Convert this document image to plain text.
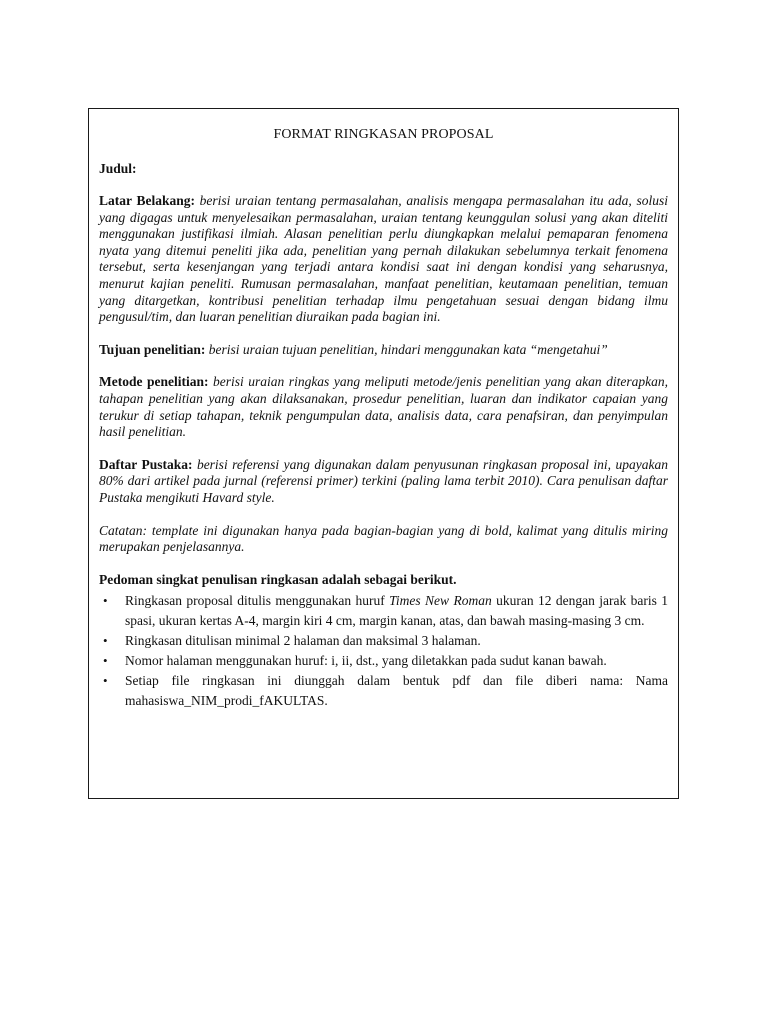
FORMAT RINGKASAN PROPOSAL
Judul:

Latar Belakang: berisi uraian tentang permasalahan, analisis mengapa permasalahan itu ada, solusi yang digagas untuk menyelesaikan permasalahan, uraian tentang keunggulan solusi yang akan diteliti menggunakan justifikasi ilmiah. Alasan penelitian perlu diungkapkan melalui pemaparan fenomena nyata yang ditemui peneliti jika ada, penelitian yang pernah dilakukan sebelumnya terkait fenomena tersebut, serta kesenjangan yang terjadi antara kondisi saat ini dengan kondisi yang seharusnya, menurut kajian peneliti. Rumusan permasalahan, manfaat penelitian, keutamaan penelitian, temuan yang ditargetkan, kontribusi penelitian terhadap ilmu pengetahuan sesuai dengan bidang ilmu pengusul/tim, dan luaran penelitian diuraikan pada bagian ini.

Tujuan penelitian: berisi uraian tujuan penelitian, hindari menggunakan kata “mengetahui”

Metode penelitian: berisi uraian ringkas yang meliputi metode/jenis penelitian yang akan diterapkan, tahapan penelitian yang akan dilaksanakan, prosedur penelitian, luaran dan indikator capaian yang terukur di setiap tahapan, teknik pengumpulan data, analisis data, cara penafsiran, dan penyimpulan hasil penelitian.

Daftar Pustaka: berisi referensi yang digunakan dalam penyusunan ringkasan proposal ini, upayakan 80% dari artikel pada jurnal (referensi primer) terkini (paling lama terbit 2010). Cara penulisan daftar Pustaka mengikuti Havard style.

Catatan: template ini digunakan hanya pada bagian-bagian yang di bold, kalimat yang ditulis miring merupakan penjelasannya.

Pedoman singkat penulisan ringkasan adalah sebagai berikut.
• Ringkasan proposal ditulis menggunakan huruf Times New Roman ukuran 12 dengan jarak baris 1 spasi, ukuran kertas A-4, margin kiri 4 cm, margin kanan, atas, dan bawah masing-masing 3 cm.
• Ringkasan ditulisan minimal 2 halaman dan maksimal 3 halaman.
• Nomor halaman menggunakan huruf: i, ii, dst., yang diletakkan pada sudut kanan bawah.
• Setiap file ringkasan ini diunggah dalam bentuk pdf dan file diberi nama: Nama mahasiswa_NIM_prodi_fAKULTAS.
